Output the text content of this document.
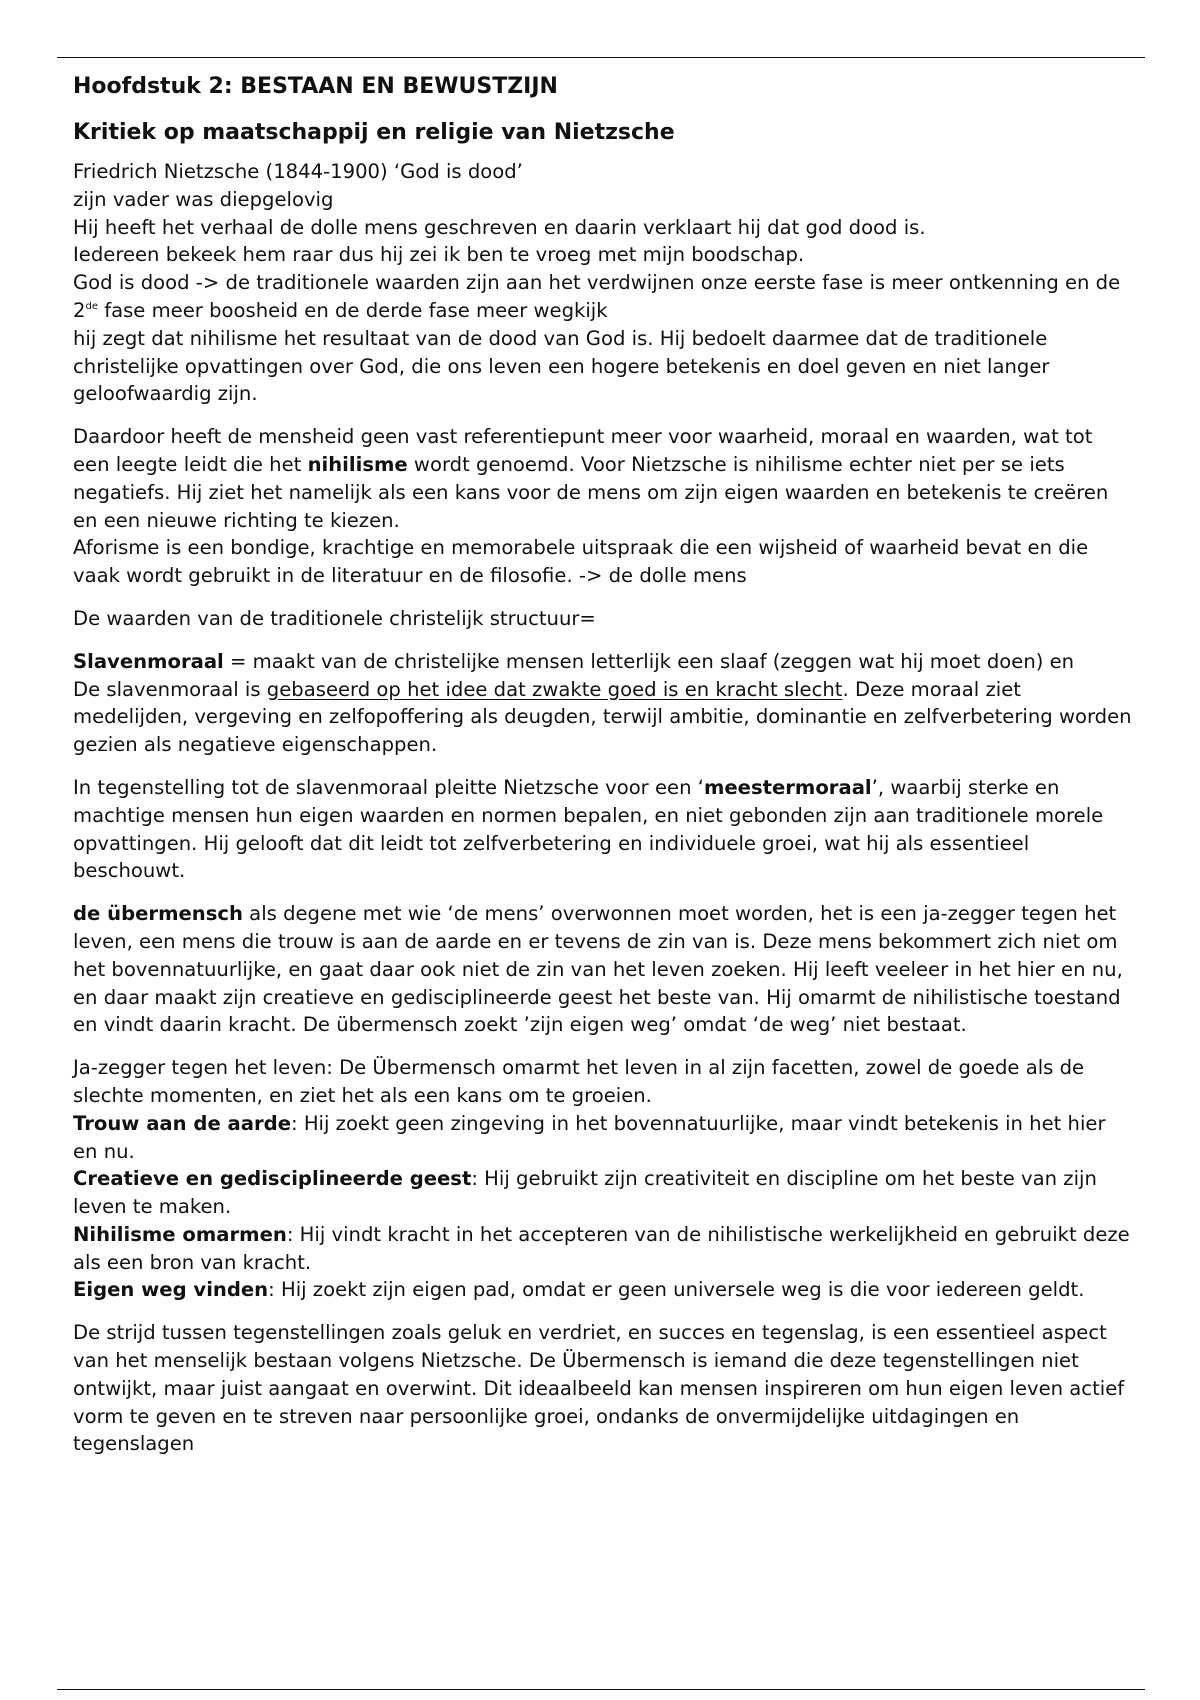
Hoofdstuk 2: BESTAAN EN BEWUSTZIJN
Kritiek op maatschappij en religie van Nietzsche

Friedrich Nietzsche (1844-1900) ‘God is dood’
zijn vader was diepgelovig
Hij heeft het verhaal de dolle mens geschreven en daarin verklaart hij dat god dood is.
Iedereen bekeek hem raar dus hij zei ik ben te vroeg met mijn boodschap.
God is dood -> de traditionele waarden zijn aan het verdwijnen onze eerste fase is meer ontkenning en de 2de fase meer boosheid en de derde fase meer wegkijk
hij zegt dat nihilisme het resultaat van de dood van God is. Hij bedoelt daarmee dat de traditionele christelijke opvattingen over God, die ons leven een hogere betekenis en doel geven en niet langer geloofwaardig zijn.

Daardoor heeft de mensheid geen vast referentiepunt meer voor waarheid, moraal en waarden, wat tot een leegte leidt die het nihilisme wordt genoemd. Voor Nietzsche is nihilisme echter niet per se iets negatiefs. Hij ziet het namelijk als een kans voor de mens om zijn eigen waarden en betekenis te creëren en een nieuwe richting te kiezen.
Aforisme is een bondige, krachtige en memorabele uitspraak die een wijsheid of waarheid bevat en die vaak wordt gebruikt in de literatuur en de filosofie. -> de dolle mens

De waarden van de traditionele christelijk structuur=

Slavenmoraal = maakt van de christelijke mensen letterlijk een slaaf (zeggen wat hij moet doen) en
De slavenmoraal is gebaseerd op het idee dat zwakte goed is en kracht slecht. Deze moraal ziet medelijden, vergeving en zelfopoffering als deugden, terwijl ambitie, dominantie en zelfverbetering worden gezien als negatieve eigenschappen.

In tegenstelling tot de slavenmoraal pleitte Nietzsche voor een ‘meestermoraal’, waarbij sterke en machtige mensen hun eigen waarden en normen bepalen, en niet gebonden zijn aan traditionele morele opvattingen. Hij gelooft dat dit leidt tot zelfverbetering en individuele groei, wat hij als essentieel beschouwt.

de übermensch als degene met wie ‘de mens’ overwonnen moet worden, het is een ja-zegger tegen het leven, een mens die trouw is aan de aarde en er tevens de zin van is. Deze mens bekommert zich niet om het bovennatuurlijke, en gaat daar ook niet de zin van het leven zoeken. Hij leeft veeleer in het hier en nu, en daar maakt zijn creatieve en gedisciplineerde geest het beste van. Hij omarmt de nihilistische toestand en vindt daarin kracht. De übermensch zoekt ’zijn eigen weg’ omdat ‘de weg’ niet bestaat.

Ja-zegger tegen het leven: De Übermensch omarmt het leven in al zijn facetten, zowel de goede als de slechte momenten, en ziet het als een kans om te groeien.
Trouw aan de aarde: Hij zoekt geen zingeving in het bovennatuurlijke, maar vindt betekenis in het hier en nu.
Creatieve en gedisciplineerde geest: Hij gebruikt zijn creativiteit en discipline om het beste van zijn leven te maken.
Nihilisme omarmen: Hij vindt kracht in het accepteren van de nihilistische werkelijkheid en gebruikt deze als een bron van kracht.
Eigen weg vinden: Hij zoekt zijn eigen pad, omdat er geen universele weg is die voor iedereen geldt.

De strijd tussen tegenstellingen zoals geluk en verdriet, en succes en tegenslag, is een essentieel aspect van het menselijk bestaan volgens Nietzsche. De Übermensch is iemand die deze tegenstellingen niet ontwijkt, maar juist aangaat en overwint. Dit ideaalbeeld kan mensen inspireren om hun eigen leven actief vorm te geven en te streven naar persoonlijke groei, ondanks de onvermijdelijke uitdagingen en tegenslagen
